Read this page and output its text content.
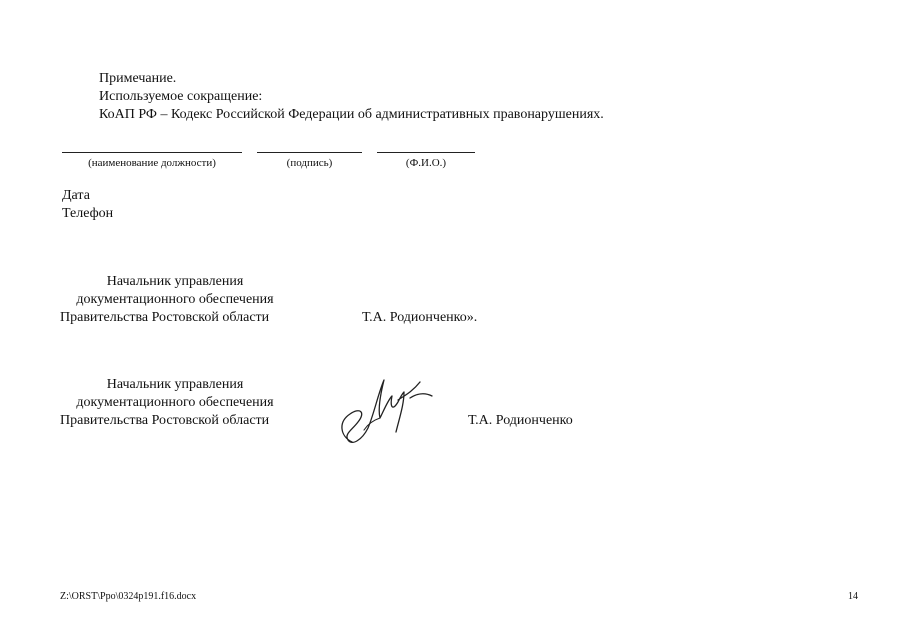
Примечание.
Используемое сокращение:
КоАП РФ – Кодекс Российской Федерации об административных правонарушениях.
(наименование должности)	(подпись)	(Ф.И.О.)
Дата
Телефон
Начальник управления
документационного обеспечения
Правительства Ростовской области	Т.А. Родионченко».
Начальник управления
документационного обеспечения
Правительства Ростовской области	Т.А. Родионченко
Z:\ORST\Ppo\0324p191.f16.docx	14
